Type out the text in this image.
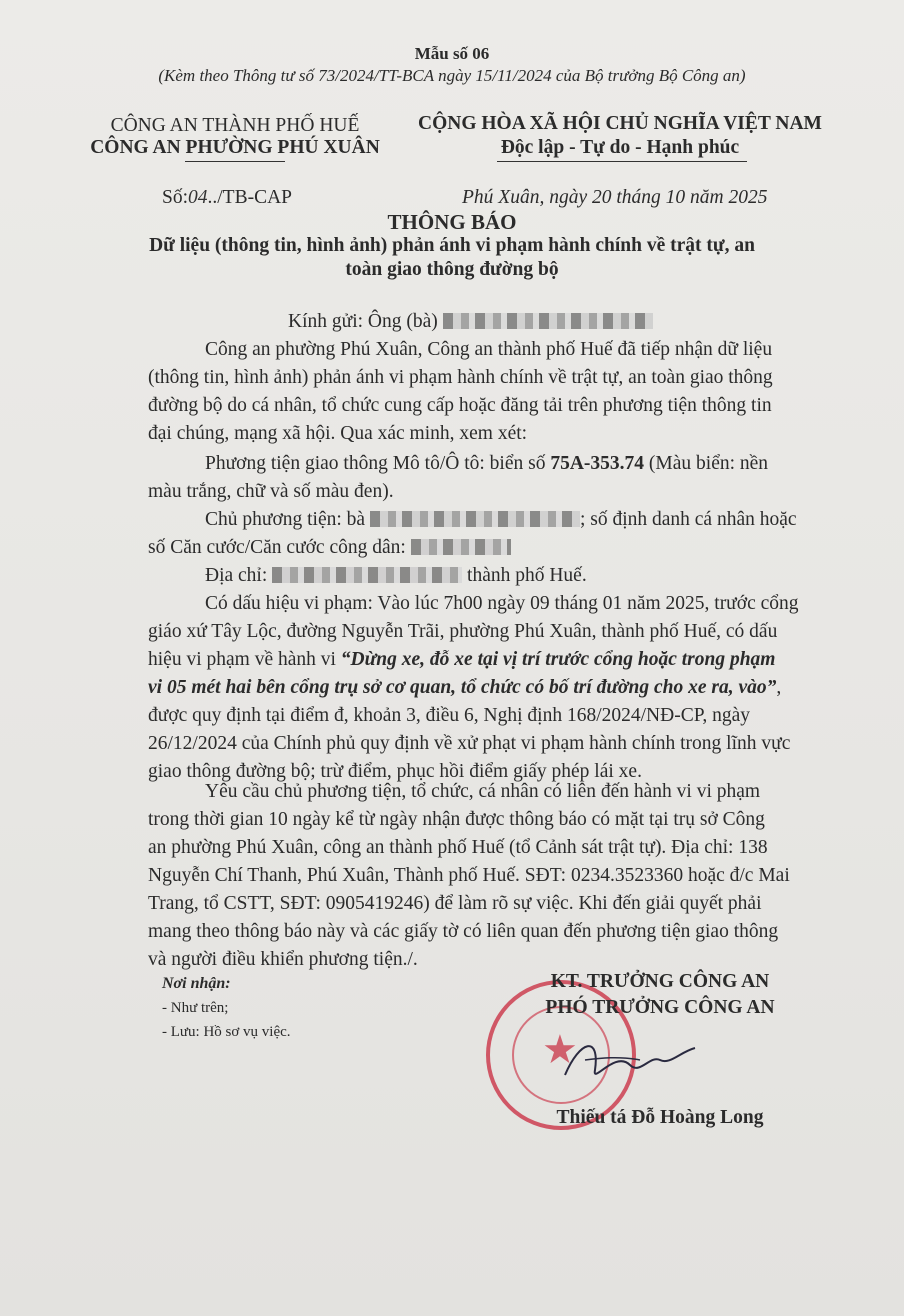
Mẫu số 06
(Kèm theo Thông tư số 73/2024/TT-BCA ngày 15/11/2024 của Bộ trưởng Bộ Công an)
CÔNG AN THÀNH PHỐ HUẾ
CÔNG AN PHƯỜNG PHÚ XUÂN
CỘNG HÒA XÃ HỘI CHỦ NGHĨA VIỆT NAM
Độc lập - Tự do - Hạnh phúc
Số:04../TB-CAP	Phú Xuân, ngày 20 tháng 10 năm 2025
THÔNG BÁO
Dữ liệu (thông tin, hình ảnh) phản ánh vi phạm hành chính về trật tự, an
toàn giao thông đường bộ
Kính gửi: Ông (bà)
Công an phường Phú Xuân, Công an thành phố Huế đã tiếp nhận dữ liệu
(thông tin, hình ảnh) phản ánh vi phạm hành chính về trật tự, an toàn giao thông
đường bộ do cá nhân, tổ chức cung cấp hoặc đăng tải trên phương tiện thông tin
đại chúng, mạng xã hội. Qua xác minh, xem xét:
Phương tiện giao thông Mô tô/Ô tô: biển số 75A-353.74 (Màu biển: nền
màu trắng, chữ và số màu đen).
Chủ phương tiện: bà	; số định danh cá nhân hoặc
số Căn cước/Căn cước công dân:
Địa chỉ:	thành phố Huế.
Có dấu hiệu vi phạm: Vào lúc 7h00 ngày 09 tháng 01 năm 2025, trước cổng
giáo xứ Tây Lộc, đường Nguyễn Trãi, phường Phú Xuân, thành phố Huế, có dấu
hiệu vi phạm về hành vi “Dừng xe, đỗ xe tại vị trí trước cổng hoặc trong phạm
vi 05 mét hai bên cổng trụ sở cơ quan, tổ chức có bố trí đường cho xe ra, vào”,
được quy định tại điểm đ, khoản 3, điều 6, Nghị định 168/2024/NĐ-CP, ngày
26/12/2024 của Chính phủ quy định về xử phạt vi phạm hành chính trong lĩnh vực
giao thông đường bộ; trừ điểm, phục hồi điểm giấy phép lái xe.
Yêu cầu chủ phương tiện, tổ chức, cá nhân có liên đến hành vi vi phạm
trong thời gian 10 ngày kể từ ngày nhận được thông báo có mặt tại trụ sở Công
an phường Phú Xuân, công an thành phố Huế (tổ Cảnh sát trật tự). Địa chỉ: 138
Nguyễn Chí Thanh, Phú Xuân, Thành phố Huế. SĐT: 0234.3523360 hoặc đ/c Mai
Trang, tổ CSTT, SĐT: 0905419246) để làm rõ sự việc. Khi đến giải quyết phải
mang theo thông báo này và các giấy tờ có liên quan đến phương tiện giao thông
và người điều khiển phương tiện./.
Nơi nhận:
- Như trên;
- Lưu: Hồ sơ vụ việc.	★
KT. TRƯỞNG CÔNG AN
PHÓ TRƯỞNG CÔNG AN
Thiếu tá Đỗ Hoàng Long
